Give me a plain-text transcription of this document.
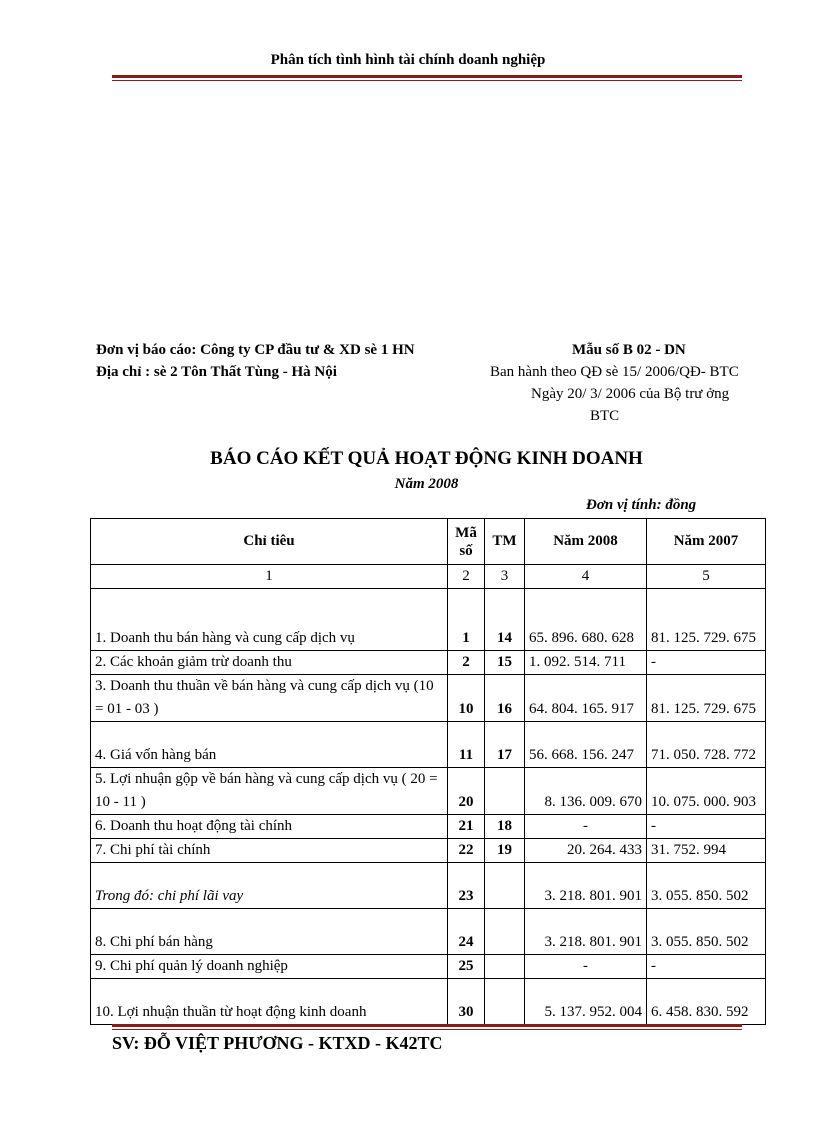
Phân tích tình hình tài chính doanh nghiệp
Đơn vị báo cáo: Công ty CP đầu tư & XD sè 1 HN
Địa chỉ : sè 2 Tôn Thất Tùng - Hà Nội
Mẫu số B 02 - DN
Ban hành theo QĐ sè 15/ 2006/QĐ- BTC
Ngày 20/ 3/ 2006 của Bộ trư ởng
BTC
BÁO CÁO KẾT QUẢ HOẠT ĐỘNG KINH DOANH
Năm 2008
Đơn vị tính: đồng
Chỉ tiêu	Mã số	TM	Năm 2008	Năm 2007
1	2	3	4	5
1. Doanh thu bán hàng và cung cấp dịch vụ	1	14	65. 896. 680. 628	81. 125. 729. 675
2. Các khoản giảm trừ doanh thu	2	15	1. 092. 514. 711	-
3. Doanh thu thuần về bán hàng và cung cấp dịch vụ (10 = 01 - 03 )	10	16	64. 804. 165. 917	81. 125. 729. 675
4. Giá vốn hàng bán	11	17	56. 668. 156. 247	71. 050. 728. 772
5. Lợi nhuận gộp về bán hàng và cung cấp dịch vụ ( 20 = 10 - 11 )	20		8. 136. 009. 670	10. 075. 000. 903
6. Doanh thu hoạt động tài chính	21	18	-	-
7. Chi phí tài chính	22	19	20. 264. 433	31. 752. 994
Trong đó: chi phí lãi vay	23		3. 218. 801. 901	3. 055. 850. 502
8. Chi phí bán hàng	24		3. 218. 801. 901	3. 055. 850. 502
9. Chi phí quản lý doanh nghiệp	25		-	-
10. Lợi nhuận thuần từ hoạt động kinh doanh	30		5. 137. 952. 004	6. 458. 830. 592
SV: ĐỖ VIỆT PHƯƠNG - KTXD - K42TC
